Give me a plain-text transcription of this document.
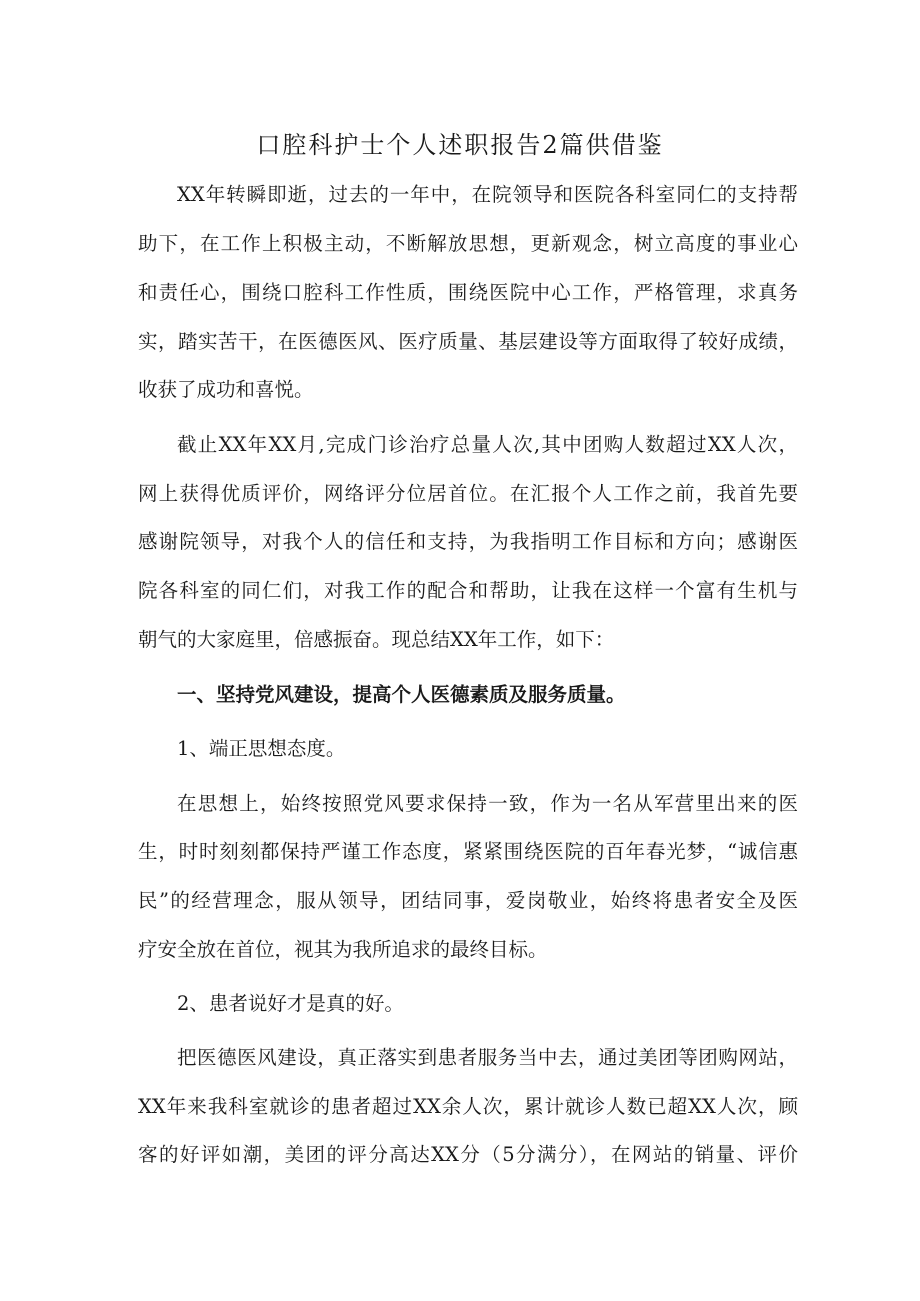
口腔科护士个人述职报告2篇供借鉴

XX年转瞬即逝，过去的一年中，在院领导和医院各科室同仁的支持帮

助下，在工作上积极主动，不断解放思想，更新观念，树立高度的事业心

和责任心，围绕口腔科工作性质，围绕医院中心工作，严格管理，求真务

实，踏实苦干，在医德医风、医疗质量、基层建设等方面取得了较好成绩，

收获了成功和喜悦。

截止XX年XX月,完成门诊治疗总量人次,其中团购人数超过XX人次，

网上获得优质评价，网络评分位居首位。在汇报个人工作之前，我首先要

感谢院领导，对我个人的信任和支持，为我指明工作目标和方向；感谢医

院各科室的同仁们，对我工作的配合和帮助，让我在这样一个富有生机与

朝气的大家庭里，倍感振奋。现总结XX年工作，如下：

一、坚持党风建设，提高个人医德素质及服务质量。

1、端正思想态度。

在思想上，始终按照党风要求保持一致，作为一名从军营里出来的医

生，时时刻刻都保持严谨工作态度，紧紧围绕医院的百年春光梦，“诚信惠

民”的经营理念，服从领导，团结同事，爱岗敬业，始终将患者安全及医

疗安全放在首位，视其为我所追求的最终目标。

2、患者说好才是真的好。

把医德医风建设，真正落实到患者服务当中去，通过美团等团购网站，

XX年来我科室就诊的患者超过XX余人次，累计就诊人数已超XX人次，顾

客的好评如潮，美团的评分高达XX分（5分满分），在网站的销量、评价
